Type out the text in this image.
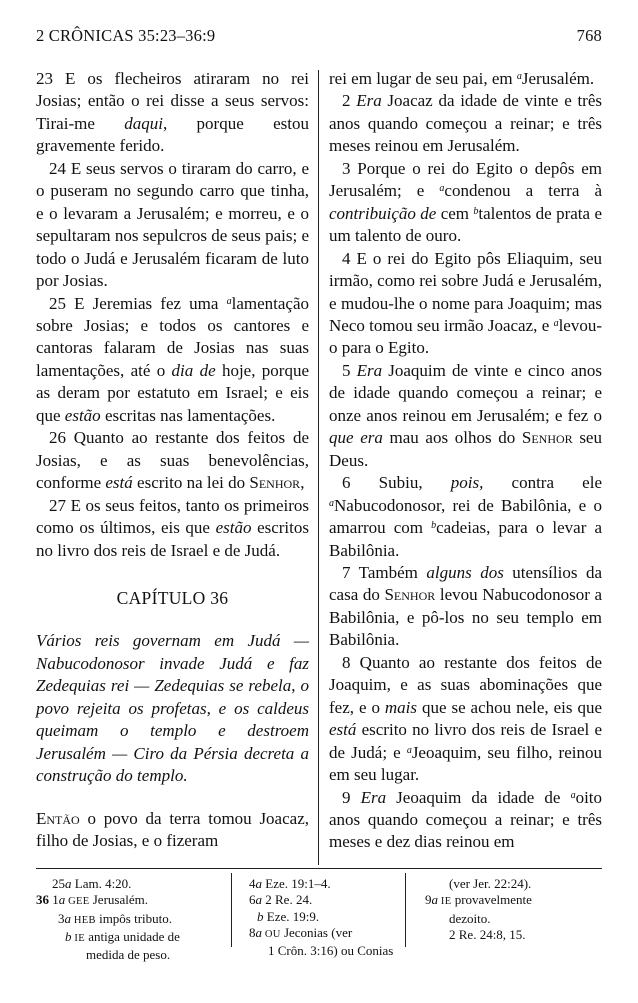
2 CRÔNICAS 35:23–36:9	768

23 E os flecheiros atiraram no rei Josias; então o rei disse a seus servos: Tirai-me daqui, porque estou gravemente ferido.

24 E seus servos o tiraram do carro, e o puseram no segundo carro que tinha, e o levaram a Jerusalém; e morreu, e o sepultaram nos sepulcros de seus pais; e todo o Judá e Jerusalém ficaram de luto por Josias.

25 E Jeremias fez uma $^a$lamentação sobre Josias; e todos os cantores e cantoras falaram de Josias nas suas lamentações, até o dia de hoje, porque as deram por estatuto em Israel; e eis que estão escritas nas lamentações.

26 Quanto ao restante dos feitos de Josias, e as suas benevolências, conforme está escrito na lei do Senhor,

27 E os seus feitos, tanto os primeiros como os últimos, eis que estão escritos no livro dos reis de Israel e de Judá.

CAPÍTULO 36

Vários reis governam em Judá — Nabucodonosor invade Judá e faz Zedequias rei — Zedequias se rebela, o povo rejeita os profetas, e os caldeus queimam o templo e destroem Jerusalém — Ciro da Pérsia decreta a construção do templo.

Então o povo da terra tomou Joacaz, filho de Josias, e o fizeram

rei em lugar de seu pai, em $^a$Jerusalém.

2 Era Joacaz da idade de vinte e três anos quando começou a reinar; e três meses reinou em Jerusalém.

3 Porque o rei do Egito o depôs em Jerusalém; e $^a$condenou a terra à contribuição de cem $^b$talentos de prata e um talento de ouro.

4 E o rei do Egito pôs Eliaquim, seu irmão, como rei sobre Judá e Jerusalém, e mudou-lhe o nome para Joaquim; mas Neco tomou seu irmão Joacaz, e $^a$levou-o para o Egito.

5 Era Joaquim de vinte e cinco anos de idade quando começou a reinar; e onze anos reinou em Jerusalém; e fez o que era mau aos olhos do Senhor seu Deus.

6 Subiu, pois, contra ele $^a$Nabucodonosor, rei de Babilônia, e o amarrou com $^b$cadeias, para o levar a Babilônia.

7 Também alguns dos utensílios da casa do Senhor levou Nabucodonosor a Babilônia, e pô-los no seu templo em Babilônia.

8 Quanto ao restante dos feitos de Joaquim, e as suas abominações que fez, e o mais que se achou nele, eis que está escrito no livro dos reis de Israel e de Judá; e $^a$Jeoaquim, seu filho, reinou em seu lugar.

9 Era Jeoaquim da idade de $^a$oito anos quando começou a reinar; e três meses e dez dias reinou em

25a Lam. 4:20.
36 1a GEE Jerusalém.
3a HEB impôs tributo.
b IE antiga unidade de
medida de peso.
4a Eze. 19:1–4.
6a 2 Re. 24.
b Eze. 19:9.
8a OU Jeconias (ver
1 Crôn. 3:16) ou Conias
(ver Jer. 22:24).
9a IE provavelmente
dezoito.
2 Re. 24:8, 15.
